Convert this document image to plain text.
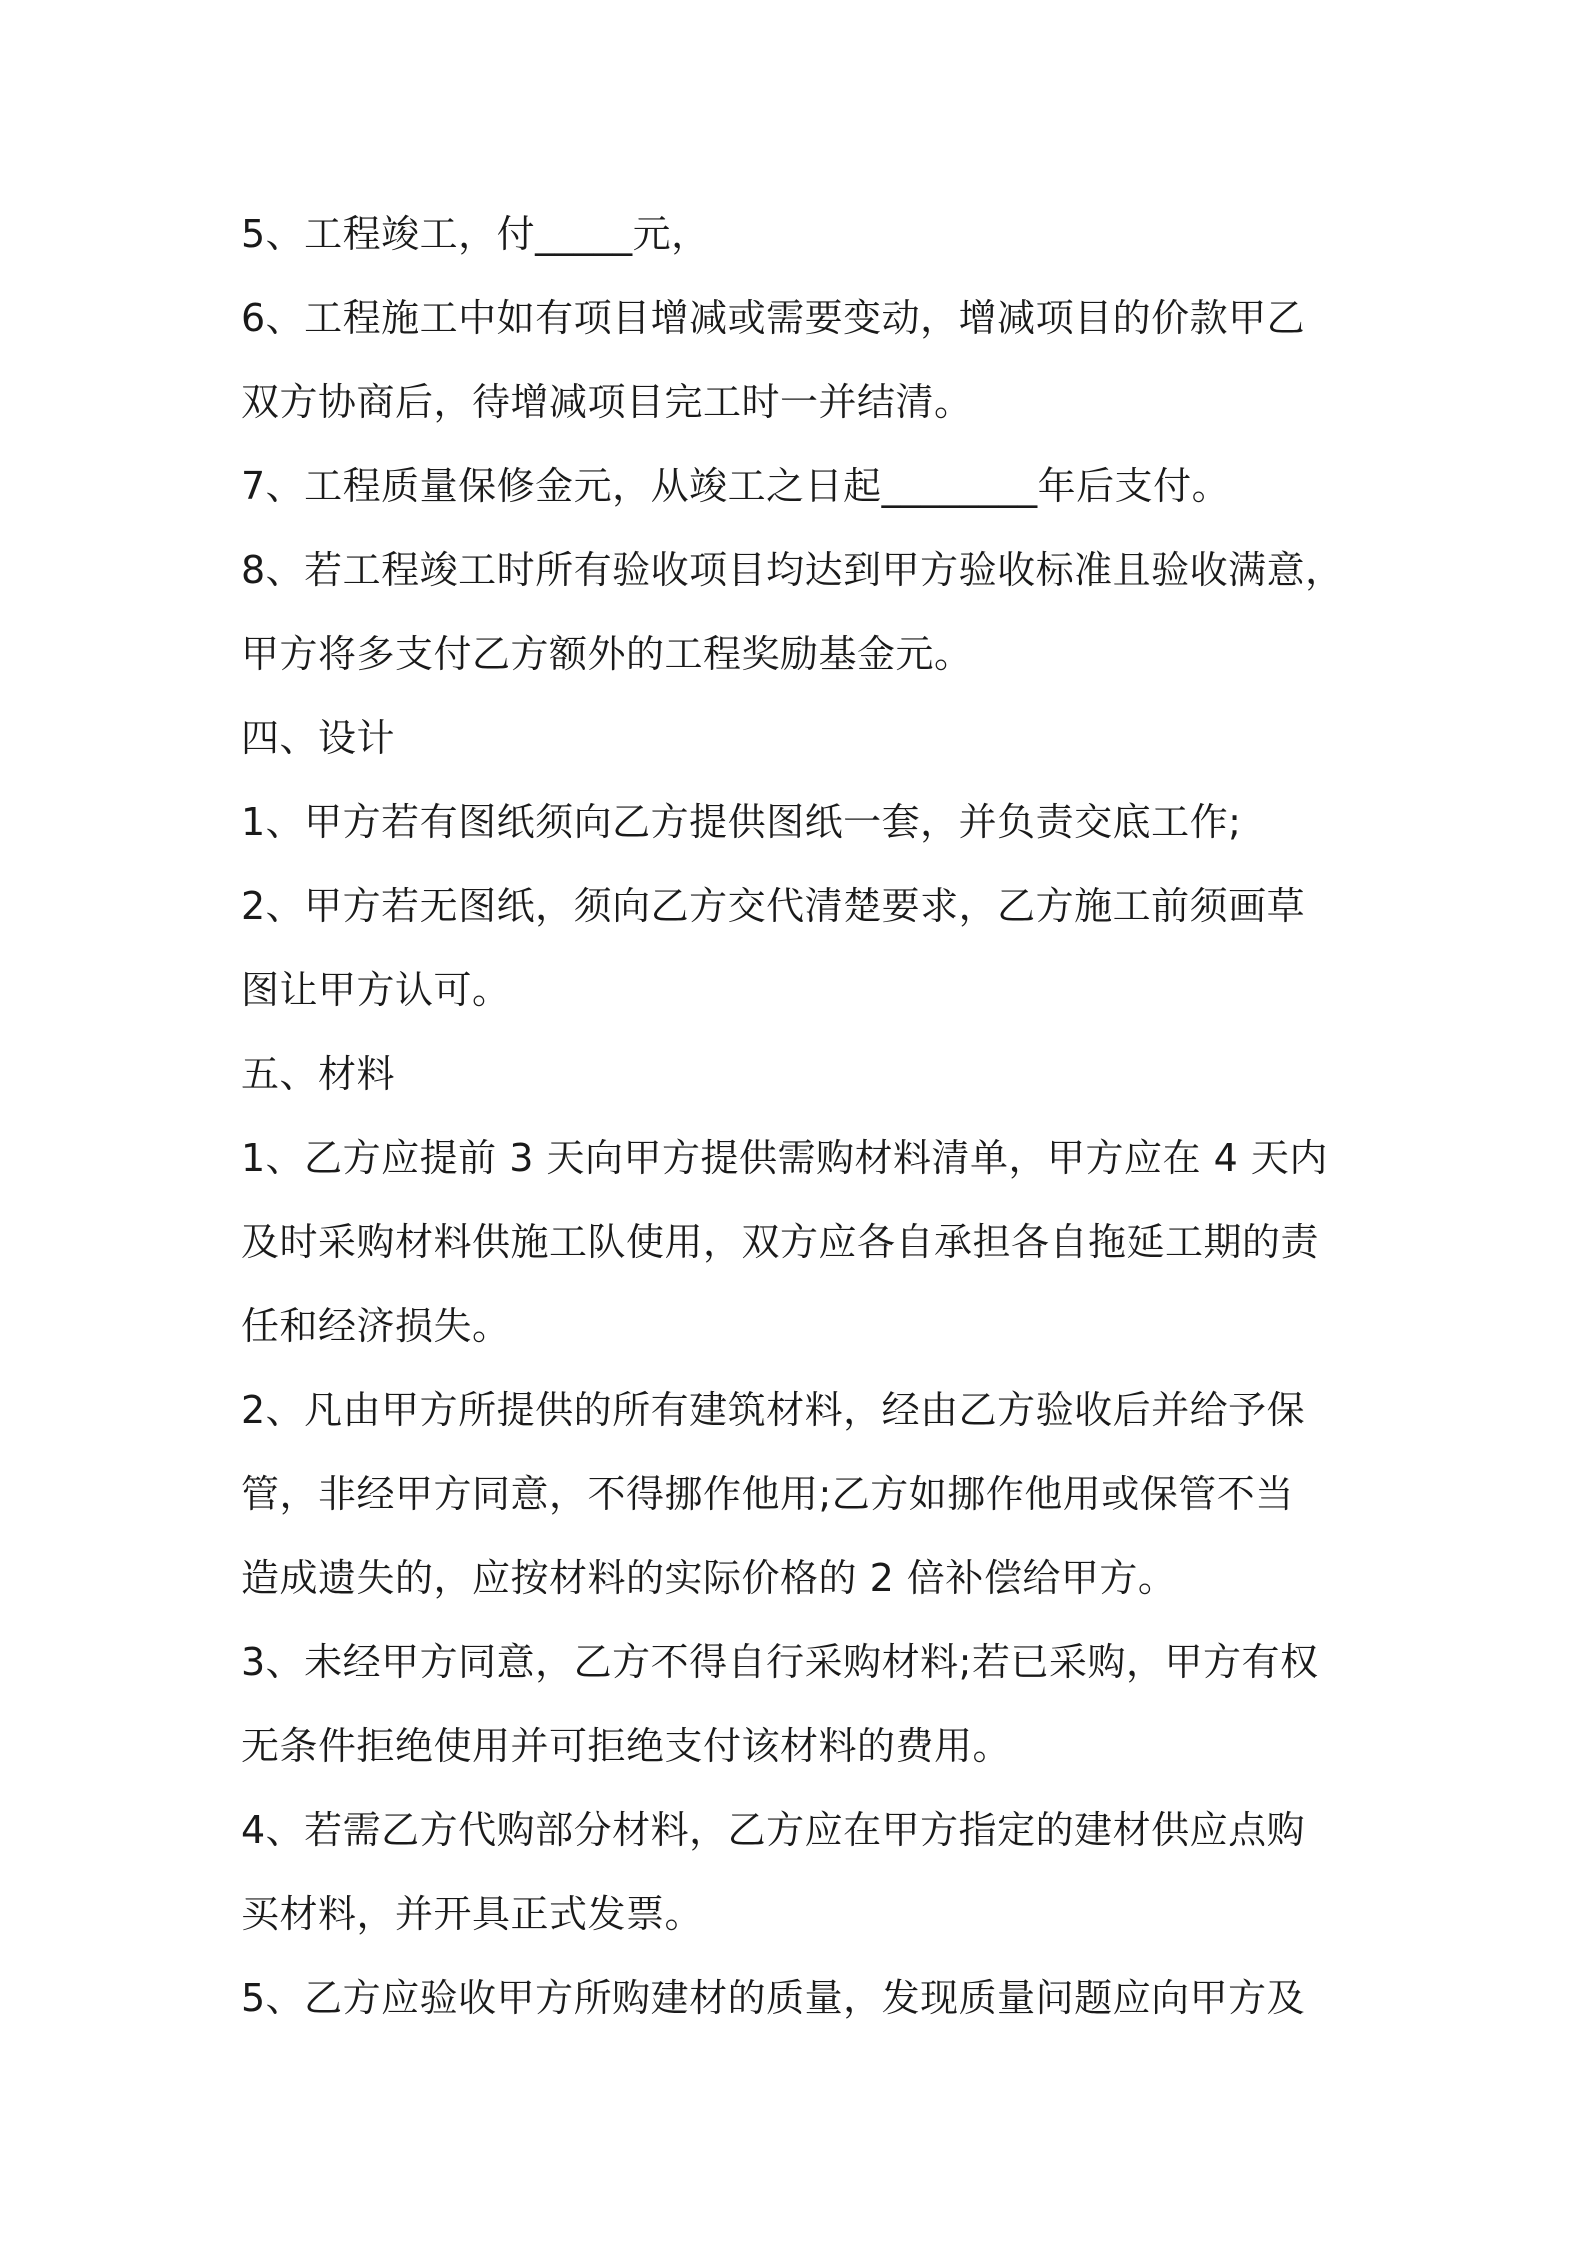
5、工程竣工，付_____元，
6、工程施工中如有项目增减或需要变动，增减项目的价款甲乙
双方协商后，待增减项目完工时一并结清。
7、工程质量保修金元，从竣工之日起________年后支付。
8、若工程竣工时所有验收项目均达到甲方验收标准且验收满意，
甲方将多支付乙方额外的工程奖励基金元。
四、设计
1、甲方若有图纸须向乙方提供图纸一套，并负责交底工作;
2、甲方若无图纸，须向乙方交代清楚要求，乙方施工前须画草
图让甲方认可。
五、材料
1、乙方应提前 3 天向甲方提供需购材料清单，甲方应在 4 天内
及时采购材料供施工队使用，双方应各自承担各自拖延工期的责
任和经济损失。
2、凡由甲方所提供的所有建筑材料，经由乙方验收后并给予保
管，非经甲方同意，不得挪作他用;乙方如挪作他用或保管不当
造成遗失的，应按材料的实际价格的 2 倍补偿给甲方。
3、未经甲方同意，乙方不得自行采购材料;若已采购，甲方有权
无条件拒绝使用并可拒绝支付该材料的费用。
4、若需乙方代购部分材料，乙方应在甲方指定的建材供应点购
买材料，并开具正式发票。
5、乙方应验收甲方所购建材的质量，发现质量问题应向甲方及
